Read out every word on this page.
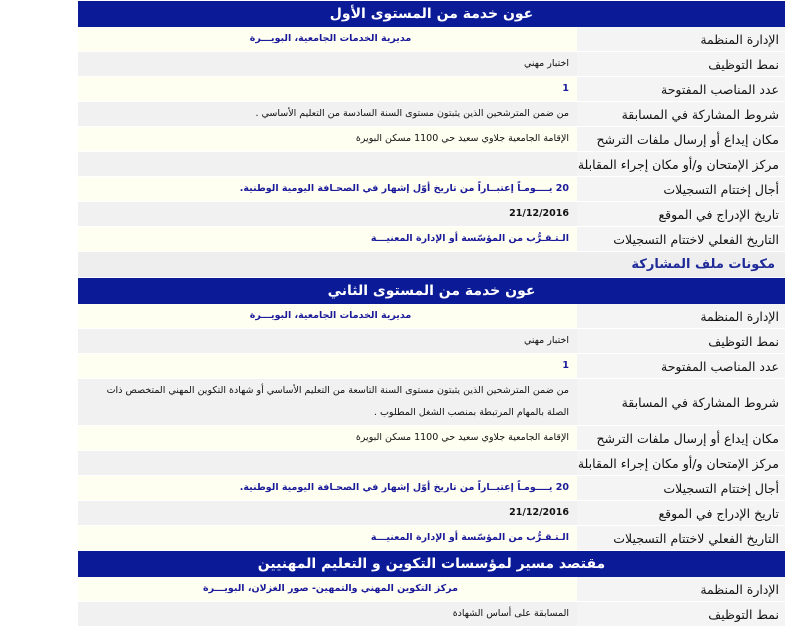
عون خدمة من المستوى الأول
الإدارة المنظمة
مديرية الخدمات الجامعية، البويـــرة
نمط التوظيف
اختبار مهني
عدد المناصب المفتوحة
1
شروط المشاركة في المسابقة
من ضمن المترشحين الذين يثبتون مستوى السنة السادسة من التعليم الأساسي .
مكان إيداع أو إرسال ملفات الترشح
الإقامة الجامعية جلاوي سعيد حي 1100 مسكن البويرة
مركز الإمتحان و/أو مكان إجراء المقابلة
أجال إختتام التسجيلات
20 يــــومـاً إعتبــاراً من تاريخ أوّل إشهار في الصحـافة اليومية الوطنية.
تاريخ الإدراج في الموقع
21/12/2016
التاريخ الفعلي لاختتام التسجيلات
الـتـقـرُّب من المؤسّسة أو الإدارة المعنيـــة
مكونات ملف المشاركة
عون خدمة من المستوى الثاني
الإدارة المنظمة
مديرية الخدمات الجامعية، البويـــرة
نمط التوظيف
اختبار مهني
عدد المناصب المفتوحة
1
شروط المشاركة في المسابقة
من ضمن المترشحين الذين يثبتون مستوى السنة التاسعة من التعليم الأساسي أو شهادة التكوين المهني المتخصص ذات الصلة بالمهام المرتبطة بمنصب الشغل المطلوب .
مكان إيداع أو إرسال ملفات الترشح
الإقامة الجامعية جلاوي سعيد حي 1100 مسكن البويرة
مركز الإمتحان و/أو مكان إجراء المقابلة
أجال إختتام التسجيلات
20 يــــومـاً إعتبــاراً من تاريخ أوّل إشهار في الصحـافة اليومية الوطنية.
تاريخ الإدراج في الموقع
21/12/2016
التاريخ الفعلي لاختتام التسجيلات
الـتـقـرُّب من المؤسّسة أو الإدارة المعنيـــة
مقتصد مسير لمؤسسات التكوين و التعليم المهنيين
الإدارة المنظمة
مركز التكوين المهني والتمهين- صور الغزلان، البويـــرة
نمط التوظيف
المسابقة على أساس الشهادة
